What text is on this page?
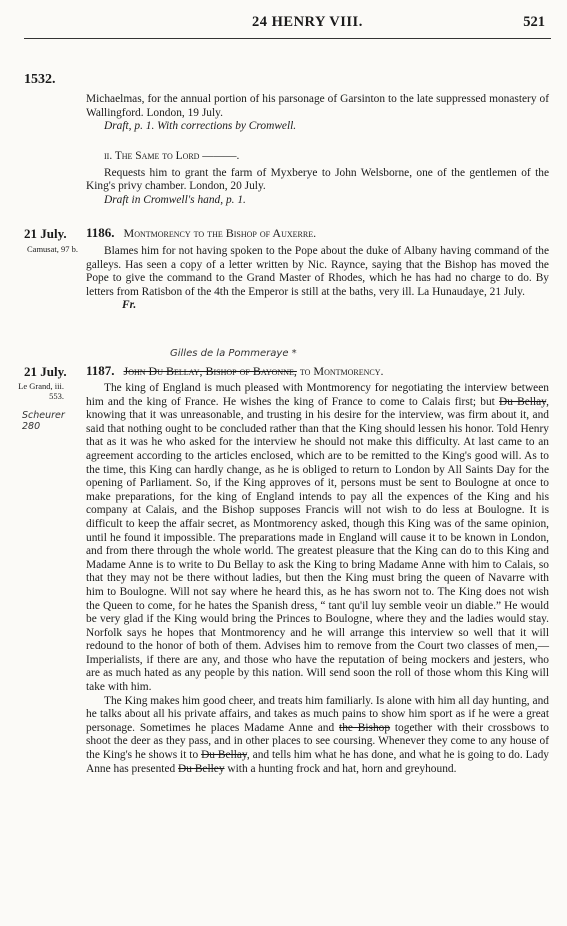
24 HENRY VIII.	521
1532.

Michaelmas, for the annual portion of his parsonage of Garsinton to the late suppressed monastery of Wallingford. London, 19 July.

Draft, p. 1. With corrections by Cromwell.

ii. The Same to Lord ———.

Requests him to grant the farm of Myxberye to John Welsborne, one of the gentlemen of the King's privy chamber. London, 20 July.

Draft in Cromwell's hand, p. 1.

21 July.
Camusat, 97 b.
1186. Montmorency to the Bishop of Auxerre.

Blames him for not having spoken to the Pope about the duke of Albany having command of the galleys. Has seen a copy of a letter written by Nic. Raynce, saying that the Bishop has moved the Pope to give the command to the Grand Master of Rhodes, which he has had no charge to do. By letters from Ratisbon of the 4th the Emperor is still at the baths, very ill. La Hunaudaye, 21 July.

Fr.

Gilles de la Pommeraye *
21 July.
Le Grand, iii.
553.
Scheurer
280
1187. John Du Bellay, Bishop of Bayonne, to Montmorency.

The king of England is much pleased with Montmorency for negotiating the interview between him and the king of France. He wishes the king of France to come to Calais first; but Du Bellay, knowing that it was unreasonable, and trusting in his desire for the interview, was firm about it, and said that nothing ought to be concluded rather than that the King should lessen his honor. Told Henry that as it was he who asked for the interview he should not make this difficulty. At last came to an agreement according to the articles enclosed, which are to be remitted to the King's good will. As to the time, this King can hardly change, as he is obliged to return to London by All Saints Day for the opening of Parliament. So, if the King approves of it, persons must be sent to Boulogne at once to make preparations, for the king of England intends to pay all the expences of the King and his company at Calais, and the Bishop supposes Francis will not wish to do less at Boulogne. It is difficult to keep the affair secret, as Montmorency asked, though this King was of the same opinion, until he found it impossible. The preparations made in England will cause it to be known in London, and from there through the whole world. The greatest pleasure that the King can do to this King and Madame Anne is to write to Du Bellay to ask the King to bring Madame Anne with him to Calais, so that they may not be there without ladies, but then the King must bring the queen of Navarre with him to Boulogne. Will not say where he heard this, as he has sworn not to. The King does not wish the Queen to come, for he hates the Spanish dress, “ tant qu'il luy semble veoir un diable.” He would be very glad if the King would bring the Princes to Boulogne, where they and the ladies would stay. Norfolk says he hopes that Montmorency and he will arrange this interview so well that it will redound to the honor of both of them. Advises him to remove from the Court two classes of men,—Imperialists, if there are any, and those who have the reputation of being mockers and jesters, who are as much hated as any people by this nation. Will send soon the roll of those whom this King will take with him.

The King makes him good cheer, and treats him familiarly. Is alone with him all day hunting, and he talks about all his private affairs, and takes as much pains to show him sport as if he were a great personage. Sometimes he places Madame Anne and the Bishop together with their crossbows to shoot the deer as they pass, and in other places to see coursing. Whenever they come to any house of the King's he shows it to Du Bellay, and tells him what he has done, and what he is going to do. Lady Anne has presented Du Belley with a hunting frock and hat, horn and greyhound.
